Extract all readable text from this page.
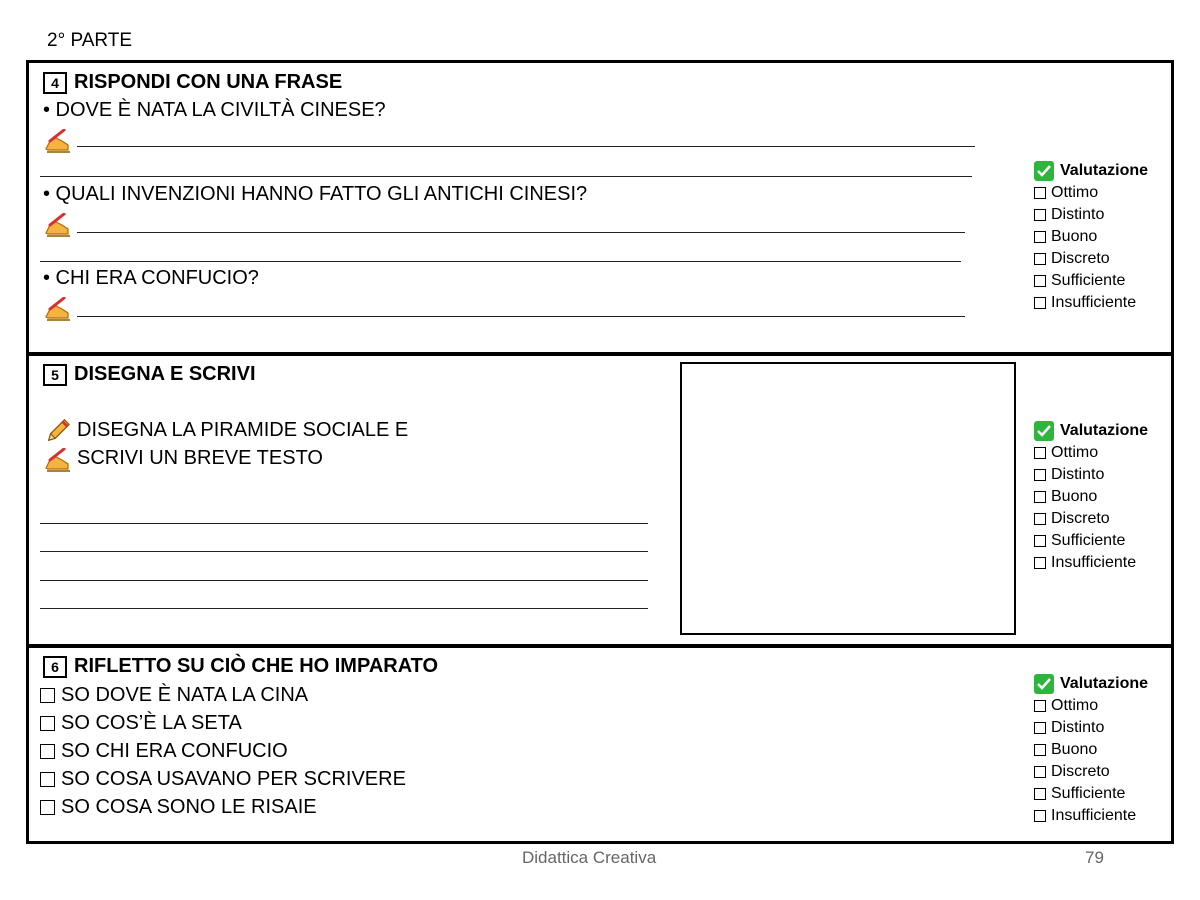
2° PARTE
4 RISPONDI CON UNA FRASE
• DOVE È NATA LA CIVILTÀ CINESE?
• QUALI INVENZIONI HANNO FATTO GLI ANTICHI CINESI?
• CHI ERA CONFUCIO?
Valutazione
Ottimo
Distinto
Buono
Discreto
Sufficiente
Insufficiente
5 DISEGNA E SCRIVI
DISEGNA LA PIRAMIDE SOCIALE E
SCRIVI UN BREVE TESTO
Valutazione
Ottimo
Distinto
Buono
Discreto
Sufficiente
Insufficiente
6 RIFLETTO SU CIÒ CHE HO IMPARATO
SO DOVE È NATA LA CINA
SO COS’È LA SETA
SO CHI ERA CONFUCIO
SO COSA USAVANO PER SCRIVERE
SO COSA SONO LE RISAIE
Valutazione
Ottimo
Distinto
Buono
Discreto
Sufficiente
Insufficiente
Didattica Creativa	79
